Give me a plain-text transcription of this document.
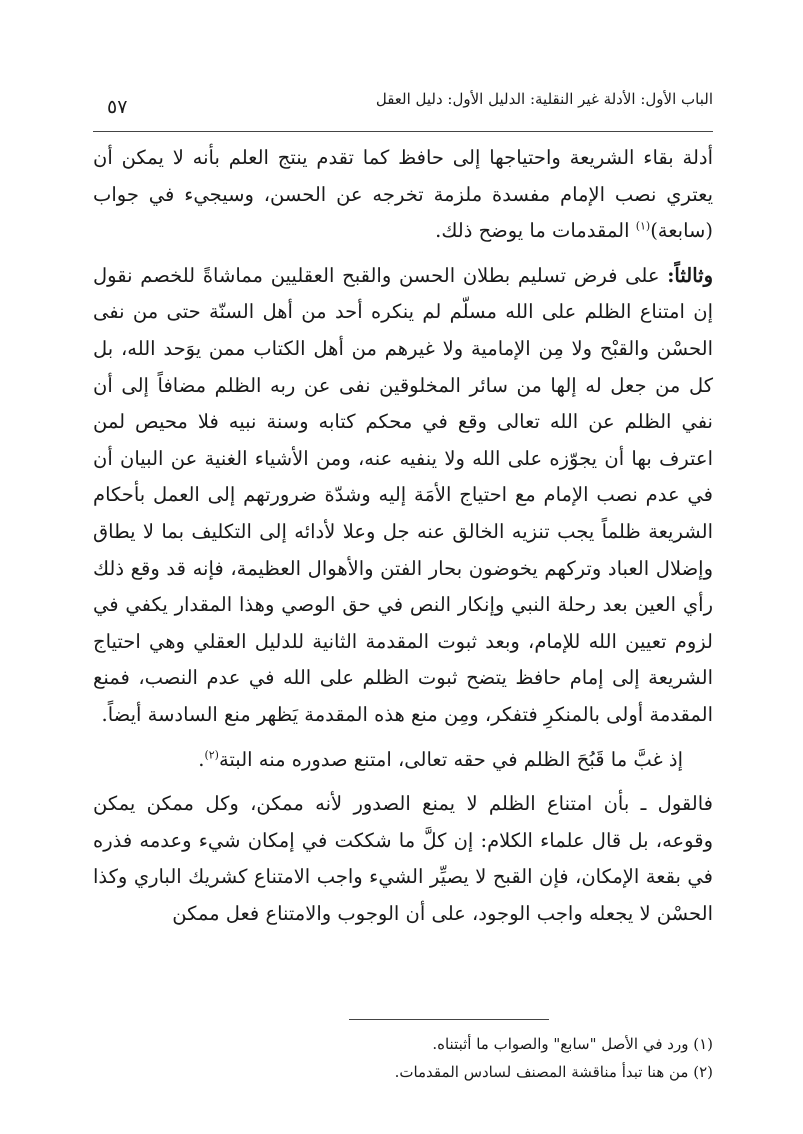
الباب الأول: الأدلة غير النقلية: الدليل الأول: دليل العقل
٥٧

أدلة بقاء الشريعة واحتياجها إلى حافظ كما تقدم ينتج العلم بأنه لا يمكن أن يعتري نصب الإمام مفسدة ملزمة تخرجه عن الحسن، وسيجيء في جواب (سابعة)$^{(١)}$ المقدمات ما يوضح ذلك.

وثالثاً: على فرض تسليم بطلان الحسن والقبح العقليين مماشاةً للخصم نقول إن امتناع الظلم على الله مسلّم لم ينكره أحد من أهل السنّة حتى من نفى الحسْن والقبْح ولا مِن الإمامية ولا غيرهم من أهل الكتاب ممن يوَحد الله، بل كل من جعل له إلها من سائر المخلوقين نفى عن ربه الظلم مضافاً إلى أن نفي الظلم عن الله تعالى وقع في محكم كتابه وسنة نبيه فلا محيص لمن اعترف بها أن يجوّزه على الله ولا ينفيه عنه، ومن الأشياء الغنية عن البيان أن في عدم نصب الإمام مع احتياج الأمَة إليه وشدّة ضرورتهم إلى العمل بأحكام الشريعة ظلماً يجب تنزيه الخالق عنه جل وعلا لأدائه إلى التكليف بما لا يطاق وإضلال العباد وتركهم يخوضون بحار الفتن والأهوال العظيمة، فإنه قد وقع ذلك رأي العين بعد رحلة النبي وإنكار النص في حق الوصي وهذا المقدار يكفي في لزوم تعيين الله للإمام، وبعد ثبوت المقدمة الثانية للدليل العقلي وهي احتياج الشريعة إلى إمام حافظ يتضح ثبوت الظلم على الله في عدم النصب، فمنع المقدمة أولى بالمنكرِ فتفكر، ومِن منع هذه المقدمة يَظهر منع السادسة أيضاً.

إذ غبَّ ما قَبُحَ الظلم في حقه تعالى، امتنع صدوره منه البتة$^{(٢)}$.

فالقول ـ بأن امتناع الظلم لا يمنع الصدور لأنه ممكن، وكل ممكن يمكن وقوعه، بل قال علماء الكلام: إن كلَّ ما شككت في إمكان شيء وعدمه فذره في بقعة الإمكان، فإن القبح لا يصيِّر الشيء واجب الامتناع كشريك الباري وكذا الحسْن لا يجعله واجب الوجود، على أن الوجوب والامتناع فعل ممكن

(١) ورد في الأصل "سابع" والصواب ما أثبتناه.

(٢) من هنا تبدأ مناقشة المصنف لسادس المقدمات.
